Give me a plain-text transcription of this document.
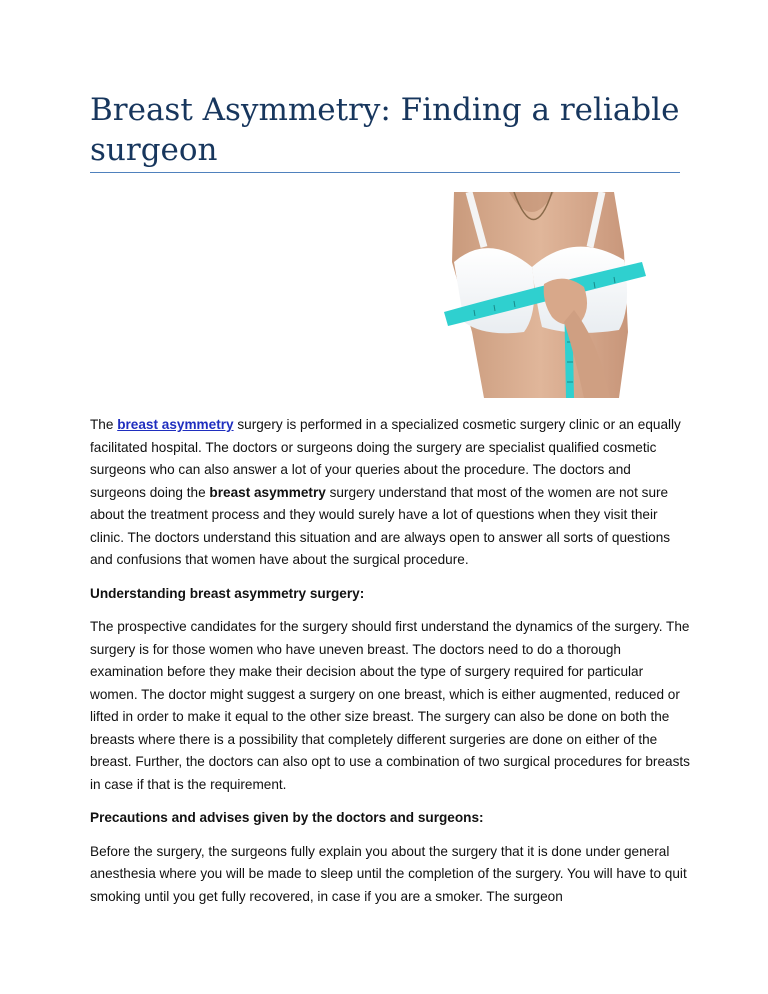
Breast Asymmetry: Finding a reliable surgeon

The breast asymmetry surgery is performed in a specialized cosmetic surgery clinic or an equally facilitated hospital. The doctors or surgeons doing the surgery are specialist qualified cosmetic surgeons who can also answer a lot of your queries about the procedure. The doctors and surgeons doing the breast asymmetry surgery understand that most of the women are not sure about the treatment process and they would surely have a lot of questions when they visit their clinic. The doctors understand this situation and are always open to answer all sorts of questions and confusions that women have about the surgical procedure.

Understanding breast asymmetry surgery:

The prospective candidates for the surgery should first understand the dynamics of the surgery. The surgery is for those women who have uneven breast. The doctors need to do a thorough examination before they make their decision about the type of surgery required for particular women. The doctor might suggest a surgery on one breast, which is either augmented, reduced or lifted in order to make it equal to the other size breast. The surgery can also be done on both the breasts where there is a possibility that completely different surgeries are done on either of the breast. Further, the doctors can also opt to use a combination of two surgical procedures for breasts in case if that is the requirement.

Precautions and advises given by the doctors and surgeons:

Before the surgery, the surgeons fully explain you about the surgery that it is done under general anesthesia where you will be made to sleep until the completion of the surgery. You will have to quit smoking until you get fully recovered, in case if you are a smoker. The surgeon
